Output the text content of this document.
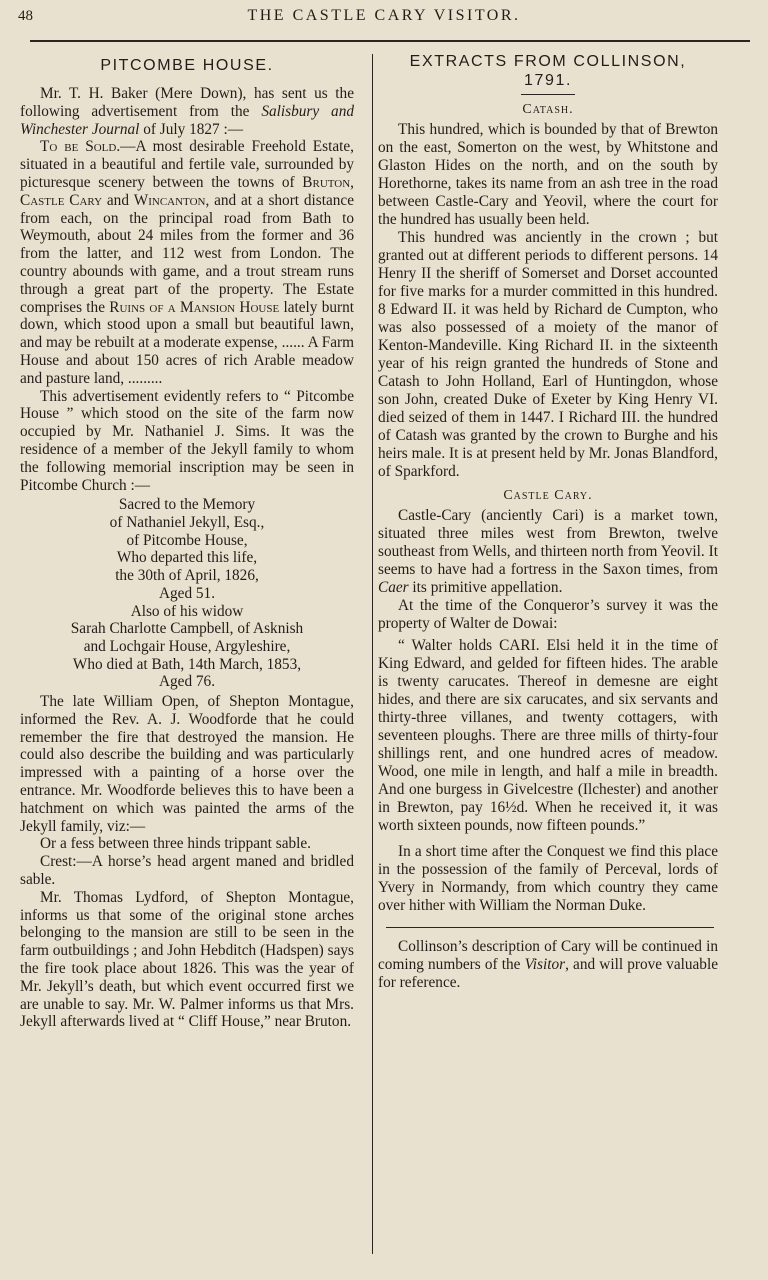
48	THE CASTLE CARY VISITOR.
PITCOMBE HOUSE.

Mr. T. H. Baker (Mere Down), has sent us the following advertisement from the Salisbury and Winchester Journal of July 1827 :—

To be Sold.—A most desirable Freehold Estate, situated in a beautiful and fertile vale, surrounded by picturesque scenery between the towns of Bruton, Castle Cary and Wincanton, and at a short distance from each, on the principal road from Bath to Weymouth, about 24 miles from the former and 36 from the latter, and 112 west from London. The country abounds with game, and a trout stream runs through a great part of the property. The Estate comprises the Ruins of a Mansion House lately burnt down, which stood upon a small but beautiful lawn, and may be rebuilt at a moderate expense, ...... A Farm House and about 150 acres of rich Arable meadow and pasture land, .........

This advertisement evidently refers to “ Pitcombe House ” which stood on the site of the farm now occupied by Mr. Nathaniel J. Sims. It was the residence of a member of the Jekyll family to whom the following memorial inscription may be seen in Pitcombe Church :—

Sacred to the Memory
of Nathaniel Jekyll, Esq.,
of Pitcombe House,
Who departed this life,
the 30th of April, 1826,
Aged 51.
Also of his widow
Sarah Charlotte Campbell, of Asknish
and Lochgair House, Argyleshire,
Who died at Bath, 14th March, 1853,
Aged 76.

The late William Open, of Shepton Montague, informed the Rev. A. J. Woodforde that he could remember the fire that destroyed the mansion. He could also describe the building and was particularly impressed with a painting of a horse over the entrance. Mr. Woodforde believes this to have been a hatchment on which was painted the arms of the Jekyll family, viz:—

Or a fess between three hinds trippant sable.

Crest:—A horse’s head argent maned and bridled sable.

Mr. Thomas Lydford, of Shepton Montague, informs us that some of the original stone arches belonging to the mansion are still to be seen in the farm outbuildings ; and John Hebditch (Hadspen) says the fire took place about 1826. This was the year of Mr. Jekyll’s death, but which event occurred first we are unable to say. Mr. W. Palmer informs us that Mrs. Jekyll afterwards lived at “ Cliff House,” near Bruton.

EXTRACTS FROM COLLINSON,
1791.
Catash.

This hundred, which is bounded by that of Brewton on the east, Somerton on the west, by Whitstone and Glaston Hides on the north, and on the south by Horethorne, takes its name from an ash tree in the road between Castle-Cary and Yeovil, where the court for the hundred has usually been held.

This hundred was anciently in the crown ; but granted out at different periods to different persons. 14 Henry II the sheriff of Somerset and Dorset accounted for five marks for a murder committed in this hundred. 8 Edward II. it was held by Richard de Cumpton, who was also possessed of a moiety of the manor of Kenton-Mandeville. King Richard II. in the sixteenth year of his reign granted the hundreds of Stone and Catash to John Holland, Earl of Huntingdon, whose son John, created Duke of Exeter by King Henry VI. died seized of them in 1447. I Richard III. the hundred of Catash was granted by the crown to Burghe and his heirs male. It is at present held by Mr. Jonas Blandford, of Sparkford.

Castle Cary.

Castle-Cary (anciently Cari) is a market town, situated three miles west from Brewton, twelve southeast from Wells, and thirteen north from Yeovil. It seems to have had a fortress in the Saxon times, from Caer its primitive appellation.

At the time of the Conqueror’s survey it was the property of Walter de Dowai:

“ Walter holds CARI. Elsi held it in the time of King Edward, and gelded for fifteen hides. The arable is twenty carucates. Thereof in demesne are eight hides, and there are six carucates, and six servants and thirty-three villanes, and twenty cottagers, with seventeen ploughs. There are three mills of thirty-four shillings rent, and one hundred acres of meadow. Wood, one mile in length, and half a mile in breadth. And one burgess in Givelcestre (Ilchester) and another in Brewton, pay 16½d. When he received it, it was worth sixteen pounds, now fifteen pounds.”

In a short time after the Conquest we find this place in the possession of the family of Perceval, lords of Yvery in Normandy, from which country they came over hither with William the Norman Duke.

Collinson’s description of Cary will be continued in coming numbers of the Visitor, and will prove valuable for reference.
